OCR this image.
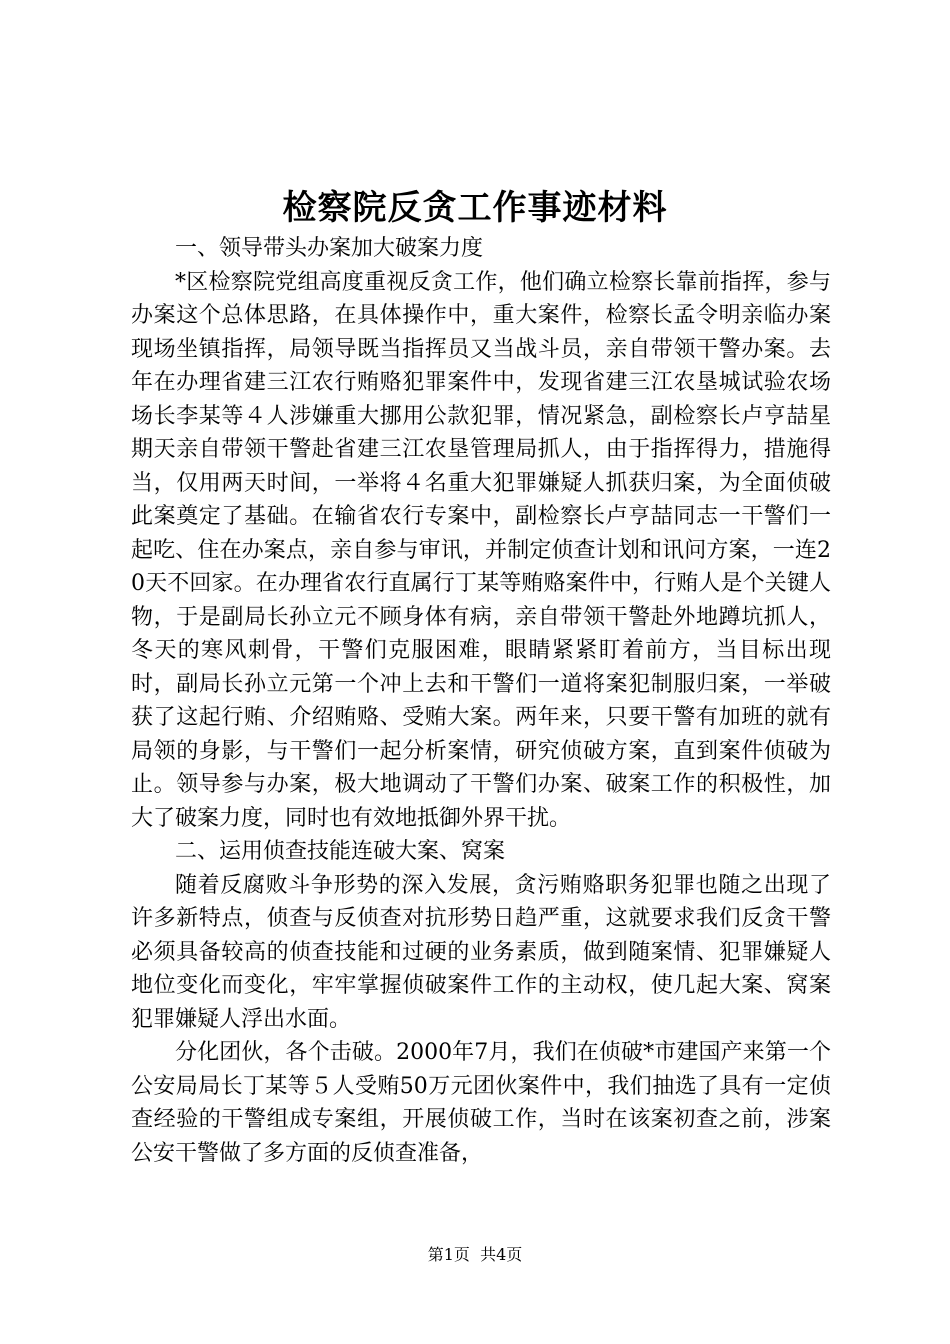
检察院反贪工作事迹材料

一、领导带头办案加大破案力度

*区检察院党组高度重视反贪工作，他们确立检察长靠前指挥，参与办案这个总体思路，在具体操作中，重大案件，检察长孟令明亲临办案现场坐镇指挥，局领导既当指挥员又当战斗员，亲自带领干警办案。去年在办理省建三江农行贿赂犯罪案件中，发现省建三江农垦城试验农场场长李某等４人涉嫌重大挪用公款犯罪，情况紧急，副检察长卢亨喆星期天亲自带领干警赴省建三江农垦管理局抓人，由于指挥得力，措施得当，仅用两天时间，一举将４名重大犯罪嫌疑人抓获归案，为全面侦破此案奠定了基础。在输省农行专案中，副检察长卢亨喆同志一干警们一起吃、住在办案点，亲自参与审讯，并制定侦查计划和讯问方案，一连20天不回家。在办理省农行直属行丁某等贿赂案件中，行贿人是个关键人物，于是副局长孙立元不顾身体有病，亲自带领干警赴外地蹲坑抓人，冬天的寒风刺骨，干警们克服困难，眼睛紧紧盯着前方，当目标出现时，副局长孙立元第一个冲上去和干警们一道将案犯制服归案，一举破获了这起行贿、介绍贿赂、受贿大案。两年来，只要干警有加班的就有局领的身影，与干警们一起分析案情，研究侦破方案，直到案件侦破为止。领导参与办案，极大地调动了干警们办案、破案工作的积极性，加大了破案力度，同时也有效地抵御外界干扰。

二、运用侦查技能连破大案、窝案

随着反腐败斗争形势的深入发展，贪污贿赂职务犯罪也随之出现了许多新特点，侦查与反侦查对抗形势日趋严重，这就要求我们反贪干警必须具备较高的侦查技能和过硬的业务素质，做到随案情、犯罪嫌疑人地位变化而变化，牢牢掌握侦破案件工作的主动权，使几起大案、窝案犯罪嫌疑人浮出水面。

分化团伙，各个击破。2000年7月，我们在侦破*市建国产来第一个公安局局长丁某等５人受贿50万元团伙案件中，我们抽选了具有一定侦查经验的干警组成专案组，开展侦破工作，当时在该案初查之前，涉案公安干警做了多方面的反侦查准备，

第1页 共4页
